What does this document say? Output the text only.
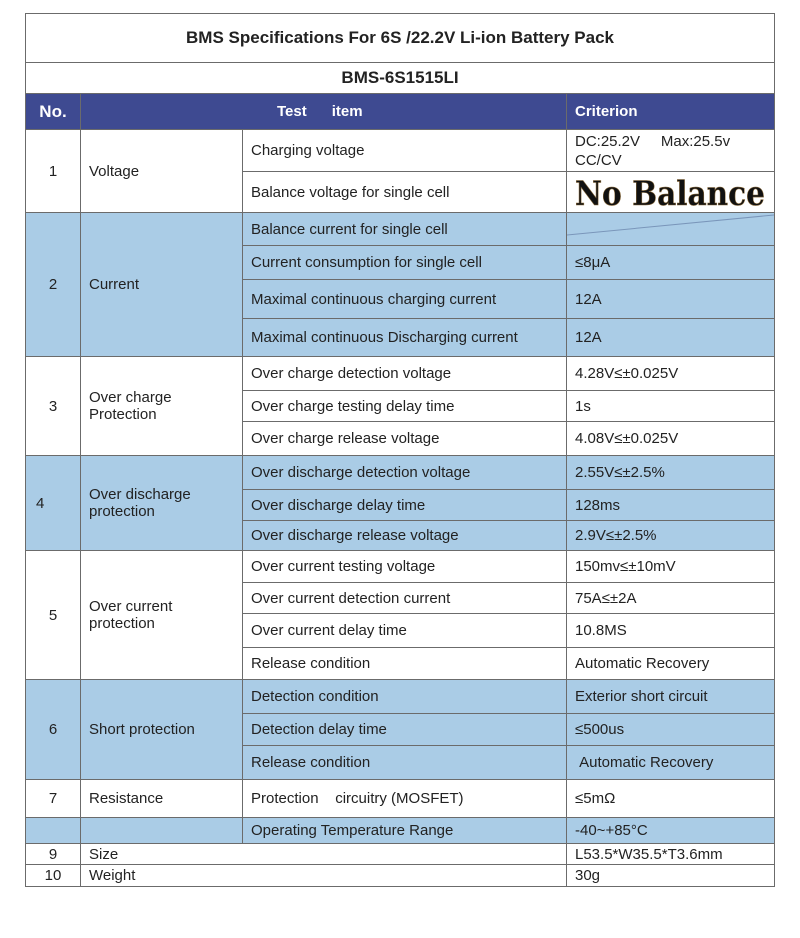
BMS Specifications For 6S /22.2V Li-ion Battery Pack			
BMS-6S1515LI			
No.	Test      item		Criterion
1	Voltage	Charging voltage	DC:25.2V     Max:25.5v
CC/CV
		Balance voltage for single cell	No Balance

2	Current	Balance current for single cell	

		Current consumption for single cell	≤8μA
		Maximal continuous charging current	12A
		Maximal continuous Discharging current	12A
3	Over charge
Protection	Over charge detection voltage	4.28V≤±0.025V
		Over charge testing delay time	1s
		Over charge release voltage	4.08V≤±0.025V
4	Over discharge
protection	Over discharge detection voltage	2.55V≤±2.5%
		Over discharge delay time	128ms
		Over discharge release voltage	2.9V≤±2.5%
5	Over current
protection	Over current testing voltage	150mv≤±10mV
		Over current detection current	75A≤±2A
		Over current delay time	10.8MS
		Release condition	Automatic Recovery
6	Short protection	Detection condition	Exterior short circuit
		Detection delay time	≤500us
		Release condition	Automatic Recovery
7	Resistance	Protection    circuitry (MOSFET)	≤5mΩ
		Operating Temperature Range	-40~+85°C
9	Size		L53.5*W35.5*T3.6mm
10	Weight		30g
